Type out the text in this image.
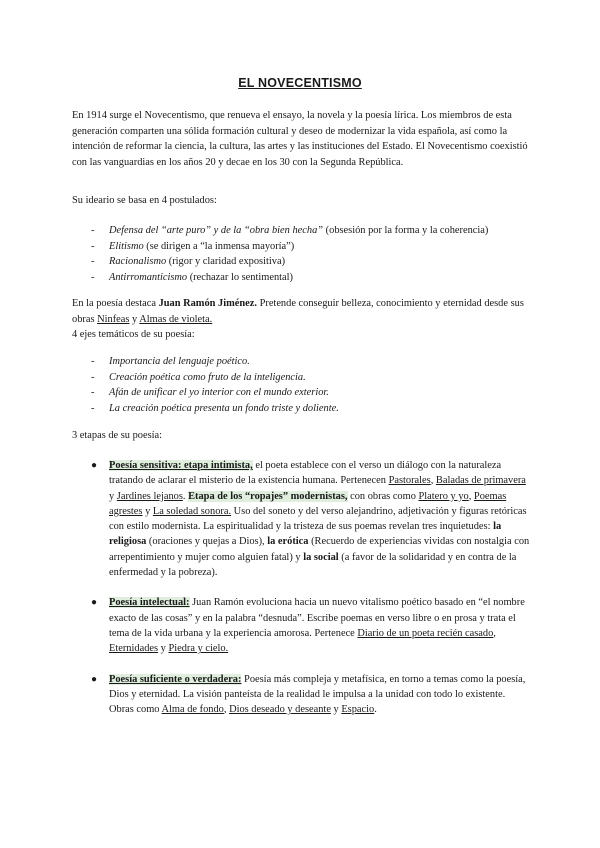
EL NOVECENTISMO

En 1914 surge el Novecentismo, que renueva el ensayo, la novela y la poesía lírica. Los miembros de esta generación comparten una sólida formación cultural y deseo de modernizar la vida española, así como la intención de reformar la ciencia, la cultura, las artes y las instituciones del Estado. El Novecentismo coexistió con las vanguardias en los años 20 y decae en los 30 con la Segunda República.

Su ideario se basa en 4 postulados:

- Defensa del “arte puro” y de la “obra bien hecha” (obsesión por la forma y la coherencia)
- Elitismo (se dirigen a “la inmensa mayoría”)
- Racionalismo (rigor y claridad expositiva)
- Antirromanticismo (rechazar lo sentimental)

En la poesía destaca Juan Ramón Jiménez. Pretende conseguir belleza, conocimiento y eternidad desde sus obras Ninfeas y Almas de violeta.

4 ejes temáticos de su poesía:

- Importancia del lenguaje poético.
- Creación poética como fruto de la inteligencia.
- Afán de unificar el yo interior con el mundo exterior.
- La creación poética presenta un fondo triste y doliente.

3 etapas de su poesía:

● Poesía sensitiva: etapa intimista, el poeta establece con el verso un diálogo con la naturaleza tratando de aclarar el misterio de la existencia humana. Pertenecen Pastorales, Baladas de primavera y Jardines lejanos. Etapa de los “ropajes” modernistas, con obras como Platero y yo, Poemas agrestes y La soledad sonora. Uso del soneto y del verso alejandrino, adjetivación y figuras retóricas con estilo modernista. La espiritualidad y la tristeza de sus poemas revelan tres inquietudes: la religiosa (oraciones y quejas a Dios), la erótica (Recuerdo de experiencias vividas con nostalgia con arrepentimiento y mujer como alguien fatal) y la social (a favor de la solidaridad y en contra de la enfermedad y la pobreza).
● Poesía intelectual: Juan Ramón evoluciona hacia un nuevo vitalismo poético basado en “el nombre exacto de las cosas” y en la palabra “desnuda”. Escribe poemas en verso libre o en prosa y trata el tema de la vida urbana y la experiencia amorosa. Pertenece Diario de un poeta recién casado, Eternidades y Piedra y cielo.
● Poesía suficiente o verdadera: Poesía más compleja y metafísica, en torno a temas como la poesía, Dios y eternidad. La visión panteísta de la realidad le impulsa a la unidad con todo lo existente. Obras como Alma de fondo, Dios deseado y deseante y Espacio.
